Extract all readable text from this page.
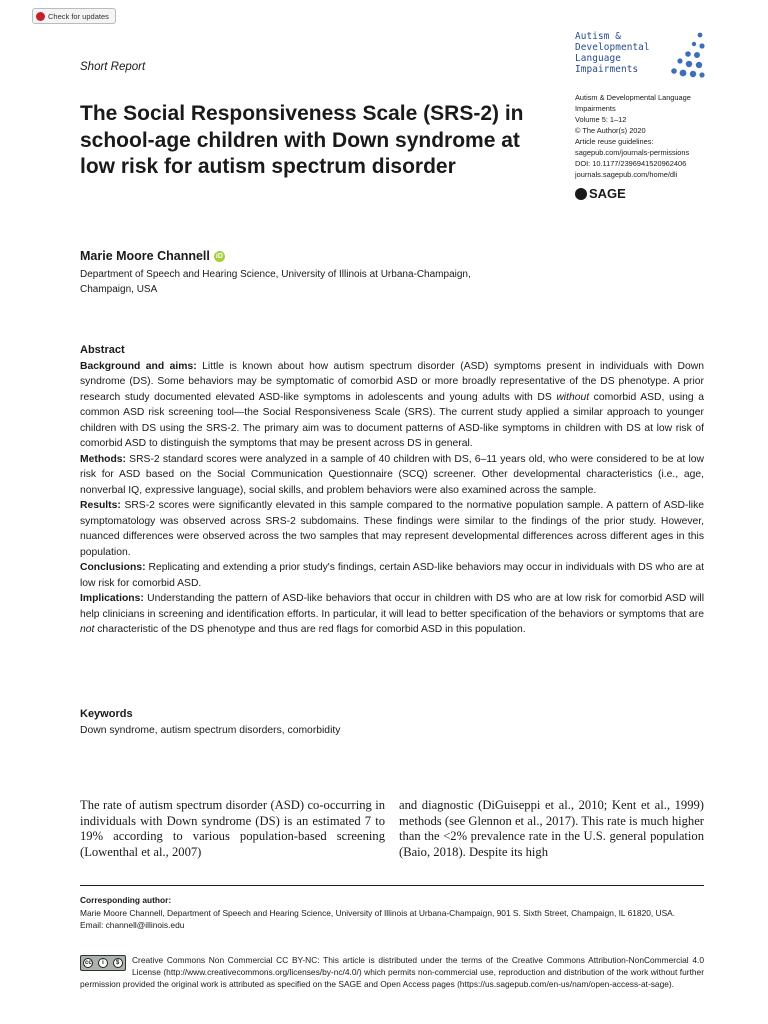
Check for updates
Short Report
Autism &
Developmental
Language
Impairments
Autism & Developmental Language
Impairments
Volume 5: 1–12
© The Author(s) 2020
Article reuse guidelines:
sagepub.com/journals-permissions
DOI: 10.1177/2396941520962406
journals.sagepub.com/home/dli
SAGE
The Social Responsiveness Scale (SRS-2) in school-age children with Down syndrome at low risk for autism spectrum disorder
Marie Moore Channell iD
Department of Speech and Hearing Science, University of Illinois at Urbana-Champaign, Champaign, USA
Abstract

Background and aims: Little is known about how autism spectrum disorder (ASD) symptoms present in individuals with Down syndrome (DS). Some behaviors may be symptomatic of comorbid ASD or more broadly representative of the DS phenotype. A prior research study documented elevated ASD-like symptoms in adolescents and young adults with DS without comorbid ASD, using a common ASD risk screening tool—the Social Responsiveness Scale (SRS). The current study applied a similar approach to younger children with DS using the SRS-2. The primary aim was to document patterns of ASD-like symptoms in children with DS at low risk of comorbid ASD to distinguish the symptoms that may be present across DS in general.

Methods: SRS-2 standard scores were analyzed in a sample of 40 children with DS, 6–11 years old, who were considered to be at low risk for ASD based on the Social Communication Questionnaire (SCQ) screener. Other developmental characteristics (i.e., age, nonverbal IQ, expressive language), social skills, and problem behaviors were also examined across the sample.

Results: SRS-2 scores were significantly elevated in this sample compared to the normative population sample. A pattern of ASD-like symptomatology was observed across SRS-2 subdomains. These findings were similar to the findings of the prior study. However, nuanced differences were observed across the two samples that may represent developmental differences across different ages in this population.

Conclusions: Replicating and extending a prior study's findings, certain ASD-like behaviors may occur in individuals with DS who are at low risk for comorbid ASD.

Implications: Understanding the pattern of ASD-like behaviors that occur in children with DS who are at low risk for comorbid ASD will help clinicians in screening and identification efforts. In particular, it will lead to better specification of the behaviors or symptoms that are not characteristic of the DS phenotype and thus are red flags for comorbid ASD in this population.

Keywords

Down syndrome, autism spectrum disorders, comorbidity

The rate of autism spectrum disorder (ASD) co-occurring in individuals with Down syndrome (DS) is an estimated 7 to 19% according to various population-based screening (Lowenthal et al., 2007)

and diagnostic (DiGuiseppi et al., 2010; Kent et al., 1999) methods (see Glennon et al., 2017). This rate is much higher than the <2% prevalence rate in the U.S. general population (Baio, 2018). Despite its high

Corresponding author:
Marie Moore Channell, Department of Speech and Hearing Science, University of Illinois at Urbana-Champaign, 901 S. Sixth Street, Champaign, IL 61820, USA.
Email: channell@illinois.edu
cc	i	$	Creative Commons Non Commercial CC BY-NC: This article is distributed under the terms of the Creative Commons Attribution-NonCommercial 4.0 License (http://www.creativecommons.org/licenses/by-nc/4.0/) which permits non-commercial use, reproduction and distribution of the work without further permission provided the original work is attributed as specified on the SAGE and Open Access pages (https://us.sagepub.com/en-us/nam/open-access-at-sage).
